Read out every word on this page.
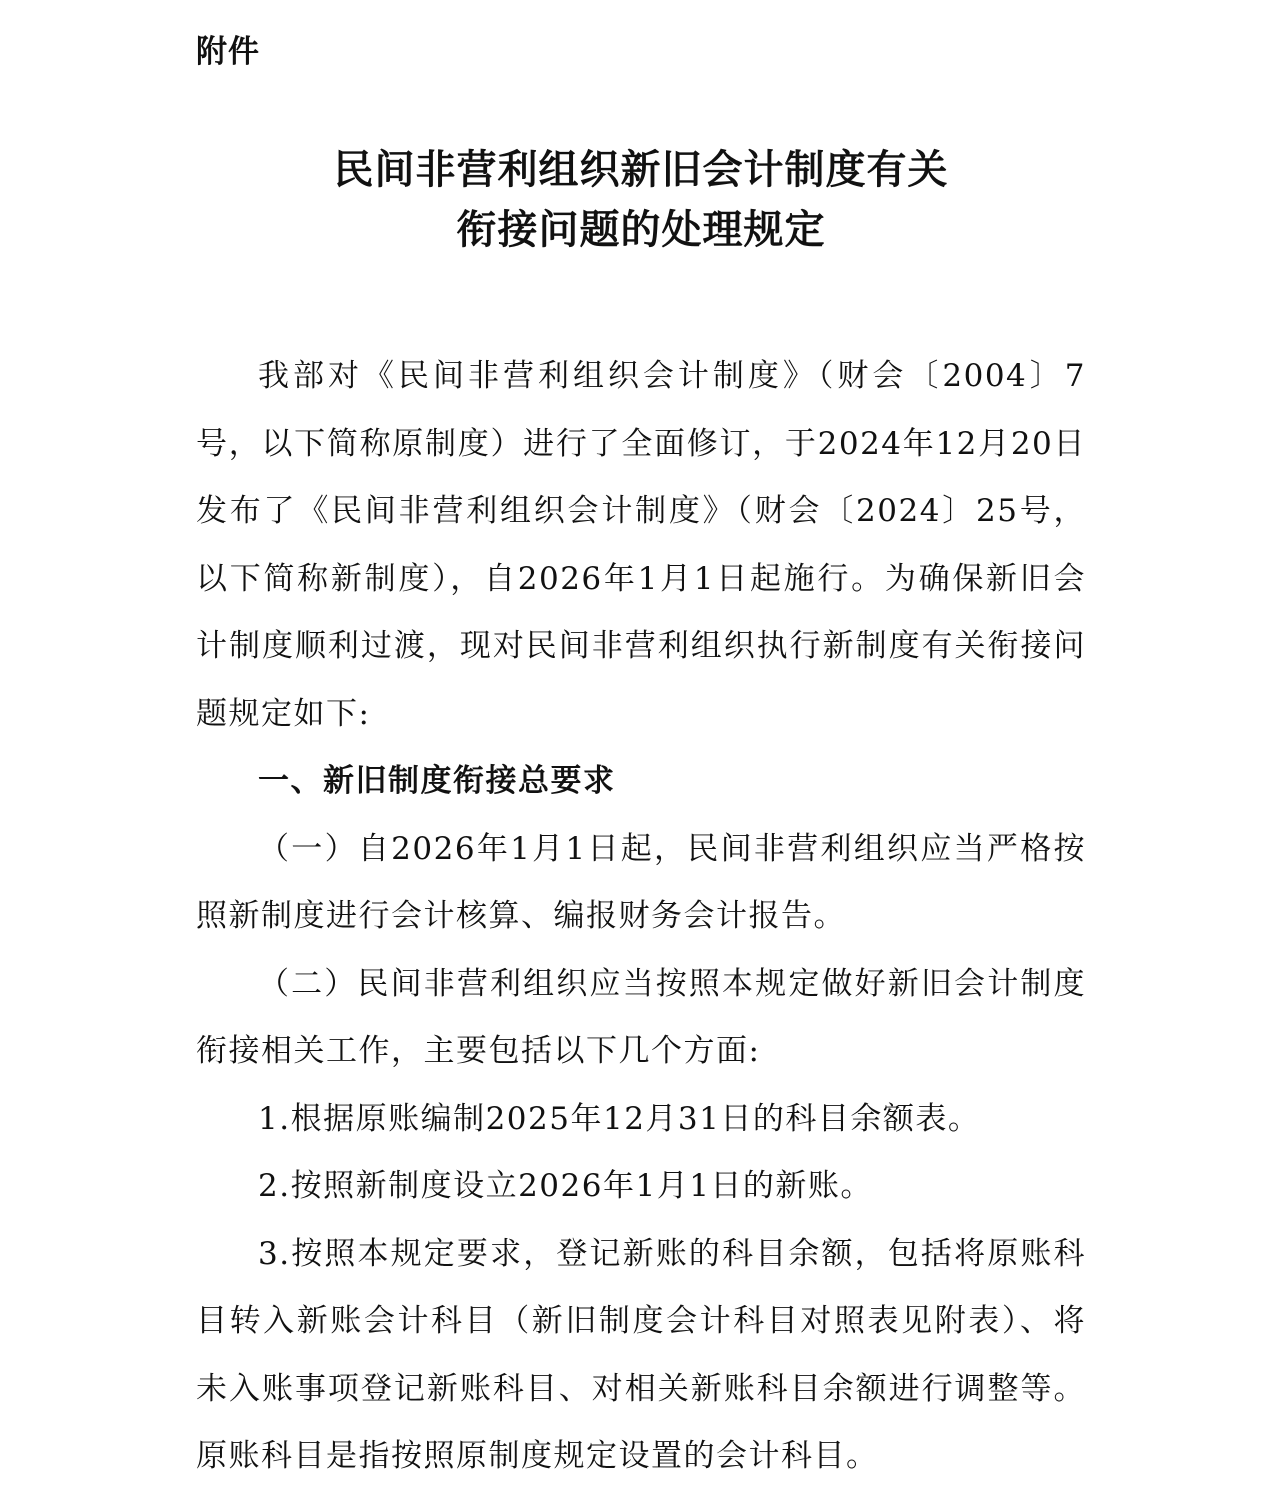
附件
民间非营利组织新旧会计制度有关
衔接问题的处理规定

我部对《民间非营利组织会计制度》（财会〔2004〕7号，以下简称原制度）进行了全面修订，于2024年12月20日发布了《民间非营利组织会计制度》（财会〔2024〕25号，以下简称新制度），自2026年1月1日起施行。为确保新旧会计制度顺利过渡，现对民间非营利组织执行新制度有关衔接问题规定如下:

一、新旧制度衔接总要求

（一）自2026年1月1日起，民间非营利组织应当严格按照新制度进行会计核算、编报财务会计报告。

（二）民间非营利组织应当按照本规定做好新旧会计制度衔接相关工作，主要包括以下几个方面:

1.根据原账编制2025年12月31日的科目余额表。

2.按照新制度设立2026年1月1日的新账。

3.按照本规定要求，登记新账的科目余额，包括将原账科目转入新账会计科目（新旧制度会计科目对照表见附表）、将未入账事项登记新账科目、对相关新账科目余额进行调整等。原账科目是指按照原制度规定设置的会计科目。
